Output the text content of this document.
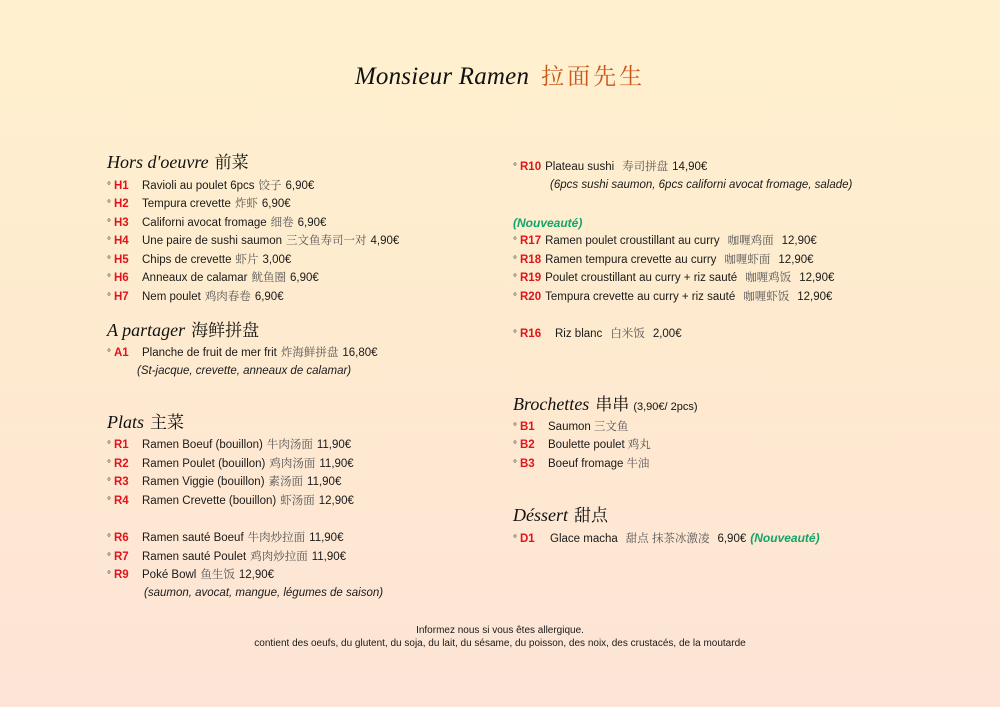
Monsieur Ramen 拉面先生
Hors d'oeuvre 前菜
° H1 Ravioli au poulet 6pcs 饺子 6,90€
° H2 Tempura crevette 炸虾 6,90€
° H3 Californi avocat fromage 细卷 6,90€
° H4 Une paire de sushi saumon 三文鱼寿司一对 4,90€
° H5 Chips de crevette 虾片 3,00€
° H6 Anneaux de calamar 鱿鱼圈 6,90€
° H7 Nem poulet 鸡肉春卷 6,90€
A partager 海鲜拼盘
° A1 Planche de fruit de mer frit 炸海鲜拼盘 16,80€
(St-jacque, crevette, anneaux de calamar)
Plats 主菜
° R1 Ramen Boeuf (bouillon) 牛肉汤面 11,90€
° R2 Ramen Poulet (bouillon) 鸡肉汤面 11,90€
° R3 Ramen Viggie (bouillon) 素汤面 11,90€
° R4 Ramen Crevette (bouillon) 虾汤面 12,90€
° R6 Ramen sauté Boeuf 牛肉炒拉面 11,90€
° R7 Ramen sauté Poulet 鸡肉炒拉面 11,90€
° R9 Poké Bowl 鱼生饭 12,90€
(saumon, avocat, mangue, légumes de saison)
° R10 Plateau sushi 寿司拼盘 14,90€
(6pcs sushi saumon, 6pcs californi avocat fromage, salade)
(Nouveauté)
° R17 Ramen poulet croustillant au curry 咖喱鸡面 12,90€
° R18 Ramen tempura crevette au curry 咖喱虾面 12,90€
° R19 Poulet croustillant au curry + riz sauté 咖喱鸡饭 12,90€
° R20 Tempura crevette au curry + riz sauté 咖喱虾饭 12,90€
° R16 Riz blanc 白米饭 2,00€
Brochettes 串串 (3,90€/ 2pcs)
° B1 Saumon 三文鱼
° B2 Boulette poulet 鸡丸
° B3 Boeuf fromage 牛油
Déssert 甜点
° D1 Glace macha 甜点 抹茶冰激凌 6,90€ (Nouveauté)
Informez nous si vous êtes allergique.
contient des oeufs, du glutent, du soja, du lait, du sésame, du poisson, des noix, des crustacés, de la moutarde
